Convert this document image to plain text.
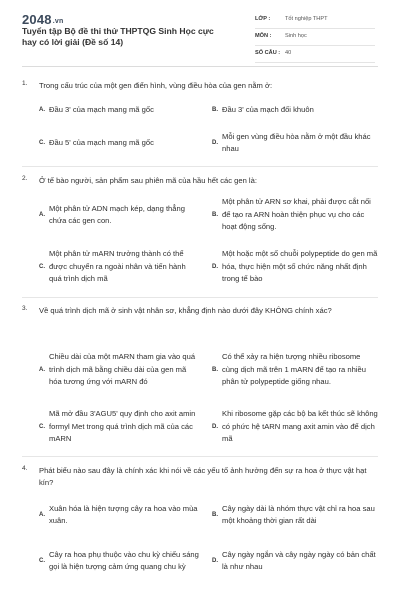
2048.vn
Tuyển tập Bộ đề thi thử THPTQG Sinh Học cực hay có lời giải (Đề số 14)
LỚP :	Tốt nghiệp THPT
MÔN : Sinh học
SỐ CÂU : 40
1. Trong cấu trúc của một gen điển hình, vùng điều hòa của gen nằm ở:
A. Đầu 3' của mạch mang mã gốc	B. Đầu 3' của mạch đối khuôn
C. Đầu 5' của mạch mang mã gốc	D.
Mỗi gen vùng điều hòa nằm ở một đầu khác nhau
2. Ở tế bào người, sản phẩm sau phiên mã của hầu hết các gen là:
A.
Một phân tử ADN mạch kép, dạng thẳng chứa các gen con.
B.
Một phân tử ARN sơ khai, phải được cắt nối để tạo ra ARN hoàn thiện phục vụ cho các hoạt động sống.
C.
Một phân tử mARN trưởng thành có thể được chuyển ra ngoài nhân và tiến hành quá trình dịch mã
D.
Một hoặc một số chuỗi polypeptide do gen mã hóa, thực hiện một số chức năng nhất định trong tế bào
3. Về quá trình dịch mã ở sinh vật nhân sơ, khẳng định nào dưới đây KHÔNG chính xác?
A.
Chiều dài của một mARN tham gia vào quá trình dịch mã bằng chiều dài của gen mã hóa tương ứng với mARN đó
B.
Có thể xảy ra hiện tượng nhiều ribosome cùng dịch mã trên 1 mARN để tạo ra nhiều phân tử polypeptide giống nhau.
C.
Mã mở đầu 3'AGU5' quy định cho axit amin formyl Met trong quá trình dịch mã của các mARN
D.
Khi ribosome gặp các bộ ba kết thúc sẽ không có phức hệ tARN mang axit amin vào để dịch mã
4. Phát biểu nào sau đây là chính xác khi nói về các yếu tố ảnh hưởng đến sự ra hoa ở thực vật hạt kín?
A.
Xuân hóa là hiện tượng cây ra hoa vào mùa xuân.
B.
Cây ngày dài là nhóm thực vật chỉ ra hoa sau một khoảng thời gian rất dài
C.
Cây ra hoa phụ thuộc vào chu kỳ chiếu sáng gọi là hiện tượng cảm ứng quang chu kỳ
D.
Cây ngày ngắn và cây ngày ngày có bản chất là như nhau
